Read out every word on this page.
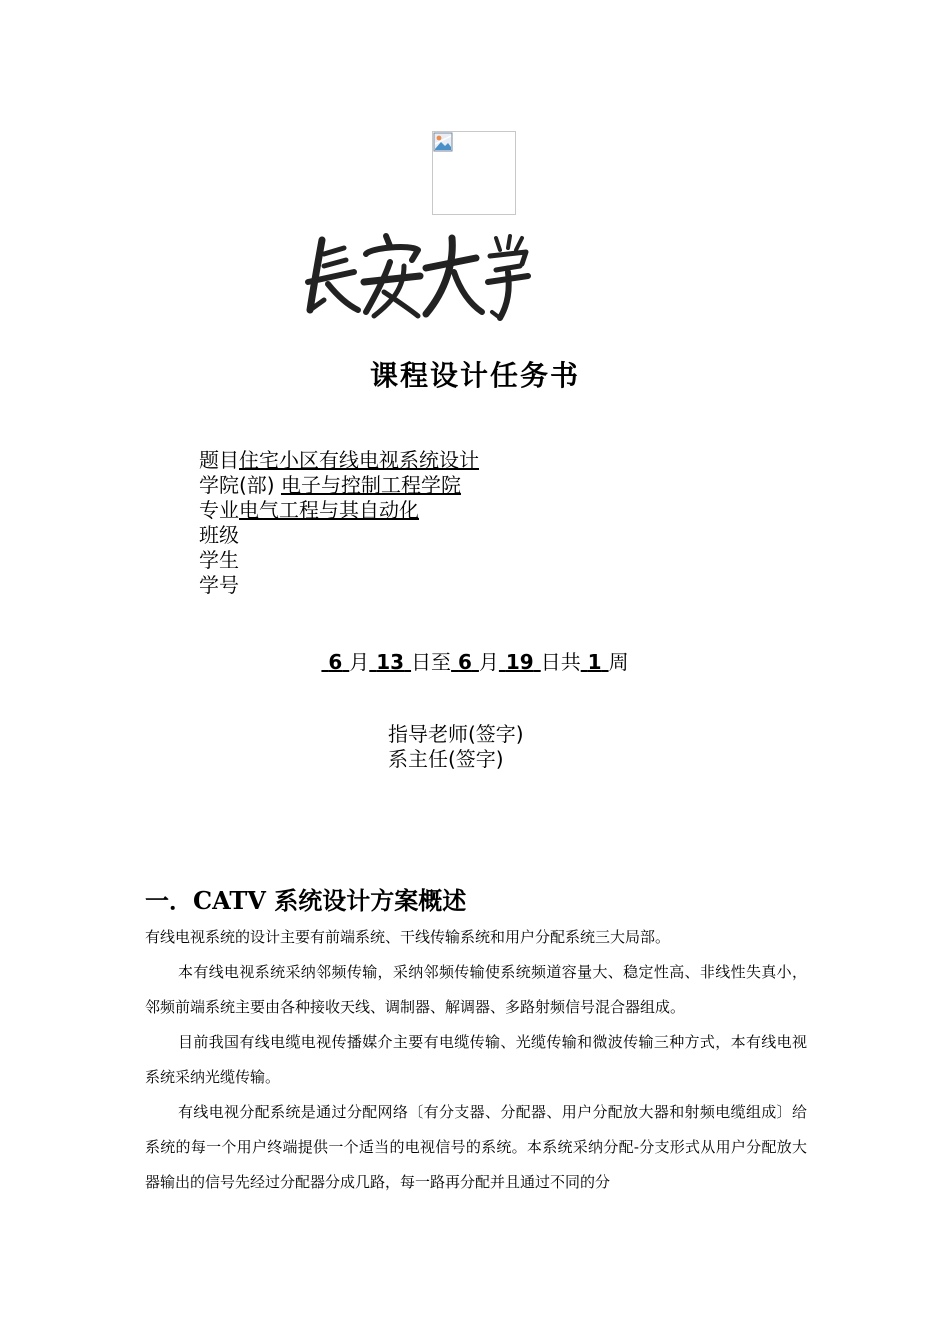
课程设计任务书
题目住宅小区有线电视系统设计
学院(部) 电子与控制工程学院
专业电气工程与其自动化
班级
学生
学号
6 月 13 日至 6 月 19 日共 1 周
指导老师(签字)
系主任(签字)
一．CATV 系统设计方案概述

有线电视系统的设计主要有前端系统、干线传输系统和用户分配系统三大局部。

本有线电视系统采纳邻频传输，采纳邻频传输使系统频道容量大、稳定性高、非线性失真小，邻频前端系统主要由各种接收天线、调制器、解调器、多路射频信号混合器组成。

目前我国有线电缆电视传播媒介主要有电缆传输、光缆传输和微波传输三种方式，本有线电视系统采纳光缆传输。

有线电视分配系统是通过分配网络〔有分支器、分配器、用户分配放大器和射频电缆组成〕给系统的每一个用户终端提供一个适当的电视信号的系统。本系统采纳分配-分支形式从用户分配放大器输出的信号先经过分配器分成几路，每一路再分配并且通过不同的分
